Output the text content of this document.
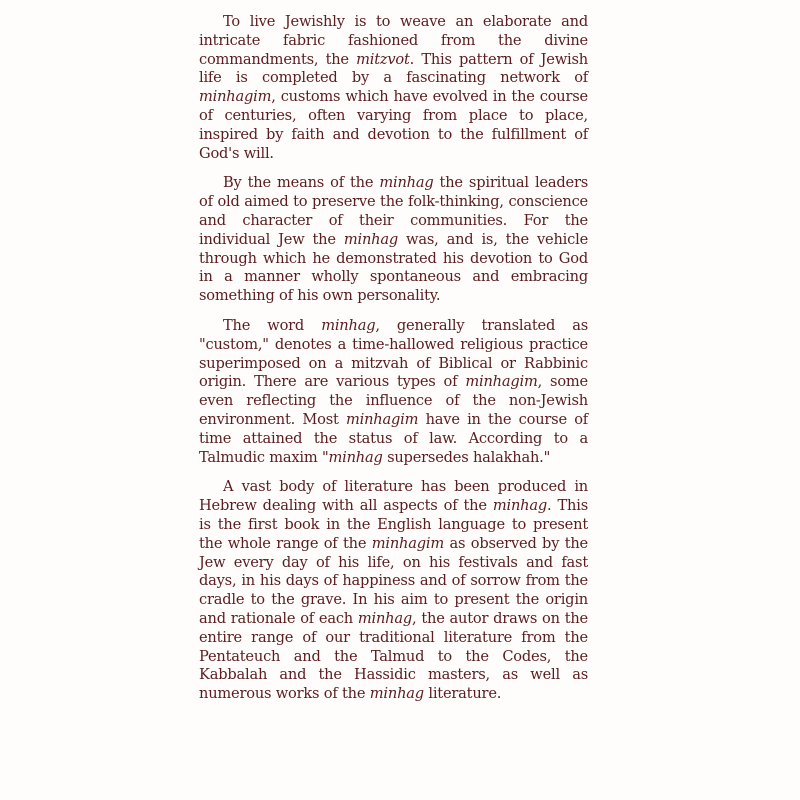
To live Jewishly is to weave an elaborate and intricate fabric fashioned from the divine commandments, the mitzvot. This pattern of Jewish life is completed by a fascinating network of minhagim, customs which have evolved in the course of centuries, often varying from place to place, inspired by faith and devotion to the fulfillment of God's will.

By the means of the minhag the spiritual leaders of old aimed to preserve the folk-thinking, conscience and character of their communities. For the individual Jew the minhag was, and is, the vehicle through which he demonstrated his devotion to God in a manner wholly spontaneous and embracing something of his own personality.

The word minhag, generally translated as "custom," denotes a time-hallowed religious practice superimposed on a mitzvah of Biblical or Rabbinic origin. There are various types of minhagim, some even reflecting the influence of the non-Jewish environment. Most minhagim have in the course of time attained the status of law. According to a Talmudic maxim "minhag supersedes halakhah."

A vast body of literature has been produced in Hebrew dealing with all aspects of the minhag. This is the first book in the English language to present the whole range of the minhagim as observed by the Jew every day of his life, on his festivals and fast days, in his days of happiness and of sorrow from the cradle to the grave. In his aim to present the origin and rationale of each minhag, the autor draws on the entire range of our traditional literature from the Pentateuch and the Talmud to the Codes, the Kabbalah and the Hassidic masters, as well as numerous works of the minhag literature.
